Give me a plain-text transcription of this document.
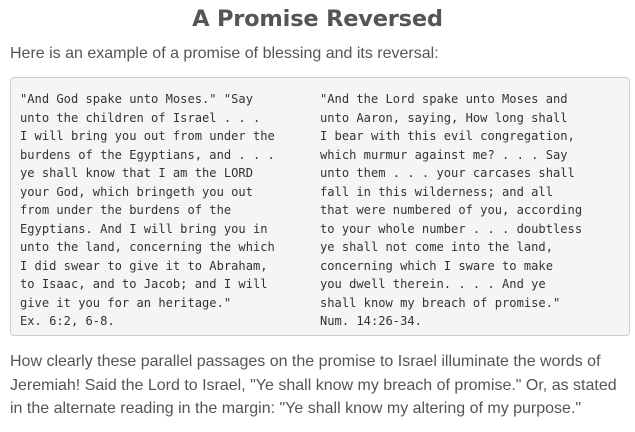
A Promise Reversed

Here is an example of a promise of blessing and its reversal:

"And God spake unto Moses." "Say
unto the children of Israel . . .
I will bring you out from under the
burdens of the Egyptians, and . . .
ye shall know that I am the LORD
your God, which bringeth you out
from under the burdens of the
Egyptians. And I will bring you in
unto the land, concerning the which
I did swear to give it to Abraham,
to Isaac, and to Jacob; and I will
give it you for an heritage."
Ex. 6:2, 6-8.
"And the Lord spake unto Moses and
unto Aaron, saying, How long shall
I bear with this evil congregation,
which murmur against me? . . . Say
unto them . . . your carcases shall
fall in this wilderness; and all
that were numbered of you, according
to your whole number . . . doubtless
ye shall not come into the land,
concerning which I sware to make
you dwell therein. . . . And ye
shall know my breach of promise."
Num. 14:26-34.

How clearly these parallel passages on the promise to Israel illuminate the words of Jeremiah! Said the Lord to Israel, "Ye shall know my breach of promise." Or, as stated in the alternate reading in the margin: "Ye shall know my altering of my purpose."
